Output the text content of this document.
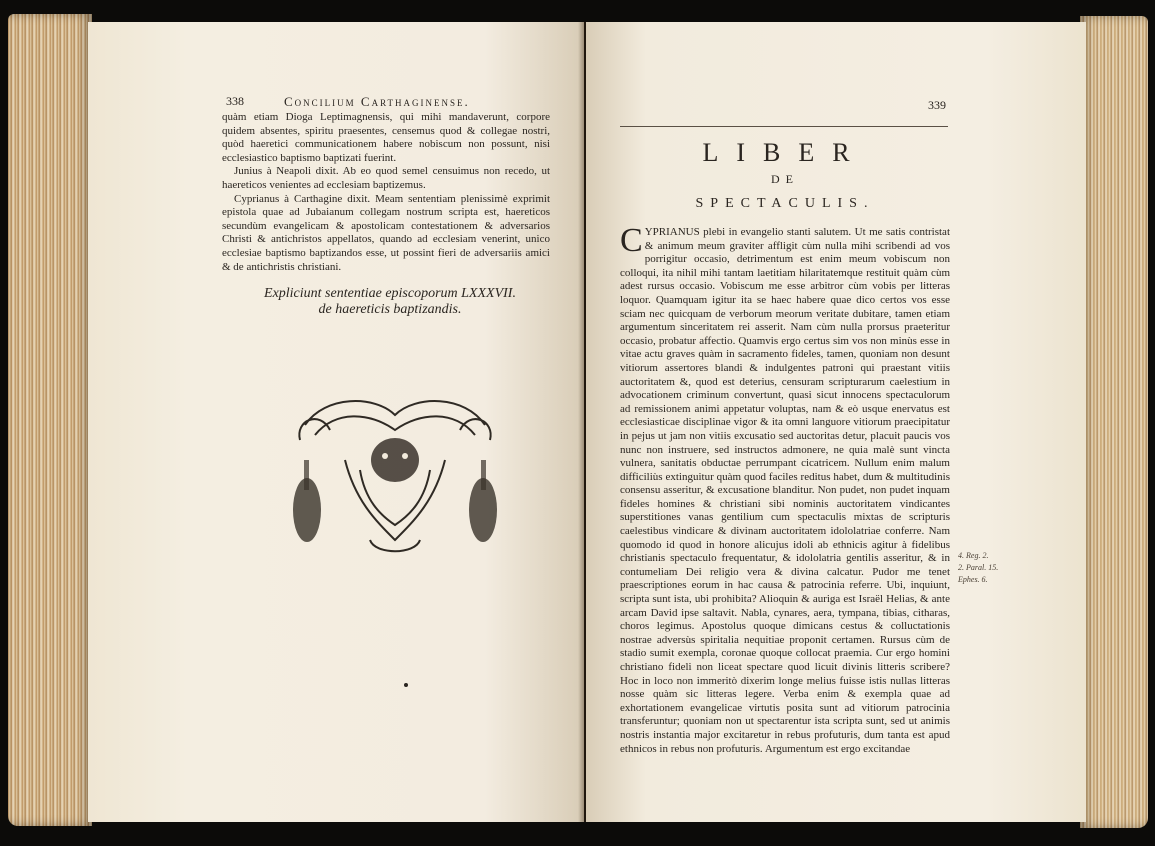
338	Concilium Carthaginense.

quàm etiam Dioga Leptimagnensis, qui mihi mandaverunt, corpore quidem absentes, spiritu praesentes, censemus quod & collegae nostri, quòd haeretici communicationem habere nobiscum non possunt, nisi ecclesiastico baptismo baptizati fuerint.

Junius à Neapoli dixit. Ab eo quod semel censuimus non recedo, ut haereticos venientes ad ecclesiam baptizemus.

Cyprianus à Carthagine dixit. Meam sententiam plenissimè exprimit epistola quae ad Jubaianum collegam nostrum scripta est, haereticos secundùm evangelicam & apostolicam contestationem & adversarios Christi & antichristos appellatos, quando ad ecclesiam venerint, unico ecclesiae baptismo baptizandos esse, ut possint fieri de adversariis amici & de antichristis christiani.

Expliciunt sententiae episcoporum LXXXVII.
de haereticis baptizandis.
339
LIBER
DE
SPECTACULIS.

CYPRIANUS plebi in evangelio stanti salutem. Ut me satis contristat & animum meum graviter affligit cùm nulla mihi scribendi ad vos porrigitur occasio, detrimentum est enim meum vobiscum non colloqui, ita nihil mihi tantam laetitiam hilaritatemque restituit quàm cùm adest rursus occasio. Vobiscum me esse arbitror cùm vobis per litteras loquor. Quamquam igitur ita se haec habere quae dico certos vos esse sciam nec quicquam de verborum meorum veritate dubitare, tamen etiam argumentum sinceritatem rei asserit. Nam cùm nulla prorsus praeteritur occasio, probatur affectio. Quamvis ergo certus sim vos non minùs esse in vitae actu graves quàm in sacramento fideles, tamen, quoniam non desunt vitiorum assertores blandi & indulgentes patroni qui praestant vitiis auctoritatem &, quod est deterius, censuram scripturarum caelestium in advocationem criminum convertunt, quasi sicut innocens spectaculorum ad remissionem animi appetatur voluptas, nam & eò usque enervatus est ecclesiasticae disciplinae vigor & ita omni languore vitiorum praecipitatur in pejus ut jam non vitiis excusatio sed auctoritas detur, placuit paucis vos nunc non instruere, sed instructos admonere, ne quia malè sunt vincta vulnera, sanitatis obductae perrumpant cicatricem. Nullum enim malum difficiliùs extinguitur quàm quod faciles reditus habet, dum & multitudinis consensu asseritur, & excusatione blanditur. Non pudet, non pudet inquam fideles homines & christiani sibi nominis auctoritatem vindicantes superstitiones vanas gentilium cum spectaculis mixtas de scripturis caelestibus vindicare & divinam auctoritatem idololatriae conferre. Nam quomodo id quod in honore alicujus idoli ab ethnicis agitur à fidelibus christianis spectaculo frequentatur, & idololatria gentilis asseritur, & in contumeliam Dei religio vera & divina calcatur. Pudor me tenet praescriptiones eorum in hac causa & patrocinia referre. Ubi, inquiunt, scripta sunt ista, ubi prohibita? Alioquin & auriga est Israël Helias, & ante arcam David ipse saltavit. Nabla, cynares, aera, tympana, tibias, citharas, choros legimus. Apostolus quoque dimicans cestus & colluctationis nostrae adversùs spiritalia nequitiae proponit certamen. Rursus cùm de stadio sumit exempla, coronae quoque collocat praemia. Cur ergo homini christiano fideli non liceat spectare quod licuit divinis litteris scribere? Hoc in loco non immeritò dixerim longe melius fuisse istis nullas litteras nosse quàm sic litteras legere. Verba enim & exempla quae ad exhortationem evangelicae virtutis posita sunt ad vitiorum patrocinia transferuntur; quoniam non ut spectarentur ista scripta sunt, sed ut animis nostris instantia major excitaretur in rebus profuturis, dum tanta est apud ethnicos in rebus non profuturis. Argumentum est ergo excitandae

4. Reg. 2.
2. Paral. 15.
Ephes. 6.
